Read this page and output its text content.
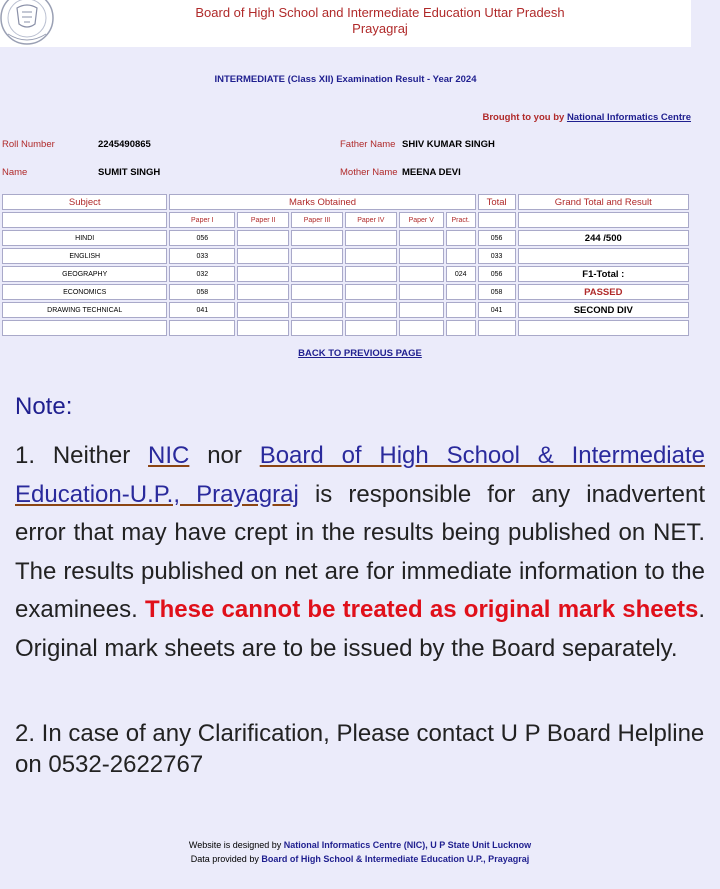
Board of High School and Intermediate Education Uttar Pradesh
Prayagraj
INTERMEDIATE (Class XII) Examination Result - Year 2024
Brought to you by National Informatics Centre
Roll Number	2245490865	Father Name SHIV KUMAR SINGH
Name	SUMIT SINGH	Mother Name MEENA DEVI
Subject	Marks Obtained						Total	Grand Total and Result
	Paper I	Paper II	Paper III	Paper IV	Paper V	Pract.		
HINDI	056						056	244 /500
ENGLISH	033						033	
GEOGRAPHY	032					024	056	F1-Total :
ECONOMICS	058						058	PASSED
DRAWING TECHNICAL	041						041	SECOND DIV

BACK TO PREVIOUS PAGE
Note:
1. Neither NIC nor Board of High School & Intermediate Education-U.P., Prayagraj is responsible for any inadvertent error that may have crept in the results being published on NET. The results published on net are for immediate information to the examinees. These cannot be treated as original mark sheets. Original mark sheets are to be issued by the Board separately.
2. In case of any Clarification, Please contact U P Board Helpline on 0532-2622767
Website is designed by National Informatics Centre (NIC), U P State Unit Lucknow
Data provided by Board of High School & Intermediate Education U.P., Prayagraj
